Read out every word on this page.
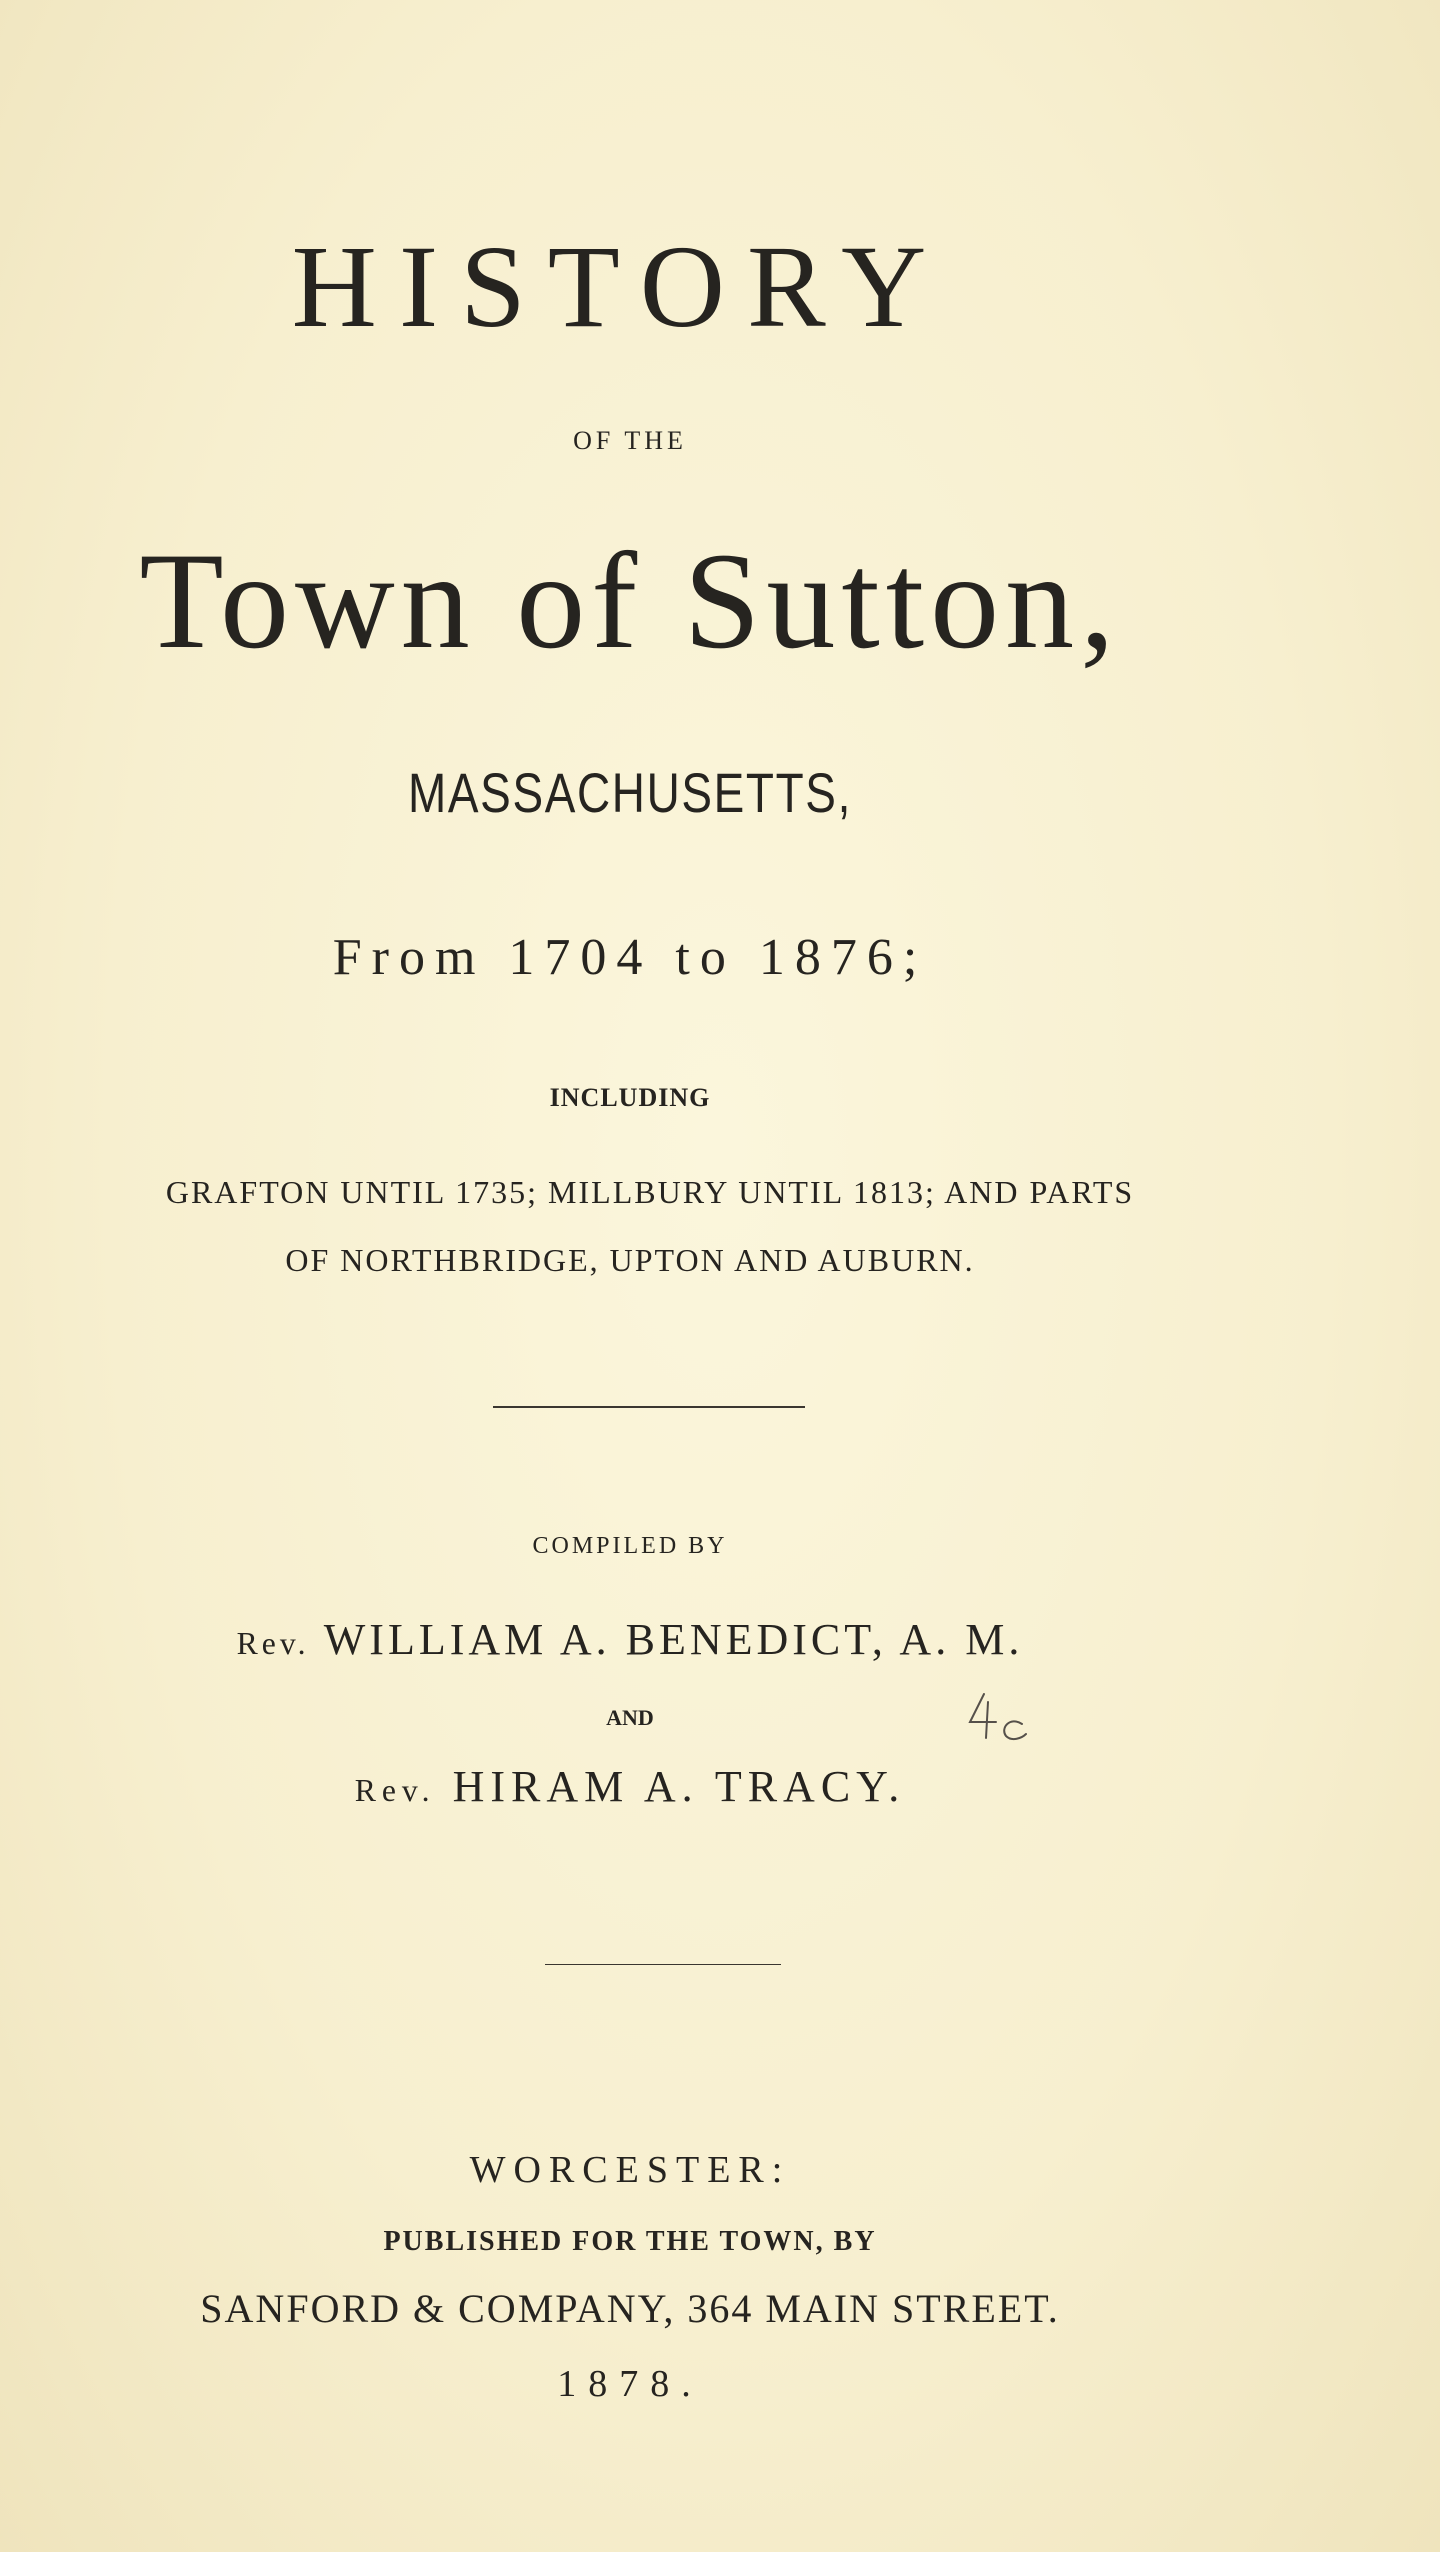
HISTORY
OF THE
Town of Sutton,
MASSACHUSETTS,
From 1704 to 1876;
INCLUDING
GRAFTON UNTIL 1735; MILLBURY UNTIL 1813; AND PARTS
OF NORTHBRIDGE, UPTON AND AUBURN.
COMPILED BY
Rev. WILLIAM A. BENEDICT, A. M.
AND
Rev. HIRAM A. TRACY.
WORCESTER:
PUBLISHED FOR THE TOWN, BY
SANFORD & COMPANY, 364 MAIN STREET.
1878.
